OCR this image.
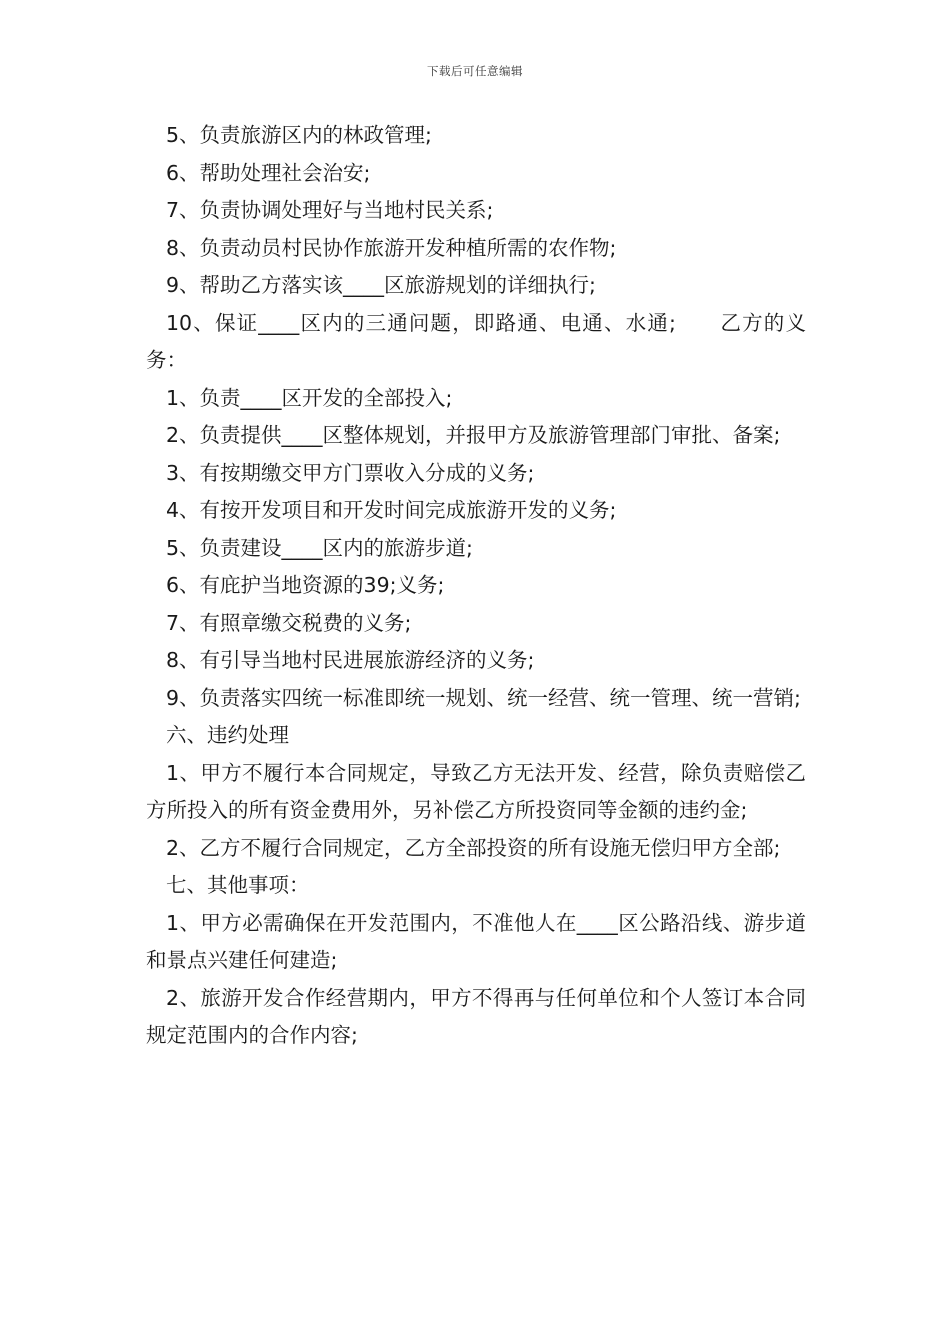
下载后可任意编辑

5、负责旅游区内的林政管理;

6、帮助处理社会治安;

7、负责协调处理好与当地村民关系;

8、负责动员村民协作旅游开发种植所需的农作物;

9、帮助乙方落实该____区旅游规划的详细执行;

10、保证____区内的三通问题，即路通、电通、水通;　　乙方的义务：

1、负责____区开发的全部投入;

2、负责提供____区整体规划，并报甲方及旅游管理部门审批、备案;

3、有按期缴交甲方门票收入分成的义务;

4、有按开发项目和开发时间完成旅游开发的义务;

5、负责建设____区内的旅游步道;

6、有庇护当地资源的39;义务;

7、有照章缴交税费的义务;

8、有引导当地村民进展旅游经济的义务;

9、负责落实四统一标准即统一规划、统一经营、统一管理、统一营销;

六、违约处理

1、甲方不履行本合同规定，导致乙方无法开发、经营，除负责赔偿乙方所投入的所有资金费用外，另补偿乙方所投资同等金额的违约金;

2、乙方不履行合同规定，乙方全部投资的所有设施无偿归甲方全部;

七、其他事项：

1、甲方必需确保在开发范围内，不准他人在____区公路沿线、游步道和景点兴建任何建造;

2、旅游开发合作经营期内，甲方不得再与任何单位和个人签订本合同规定范围内的合作内容;
